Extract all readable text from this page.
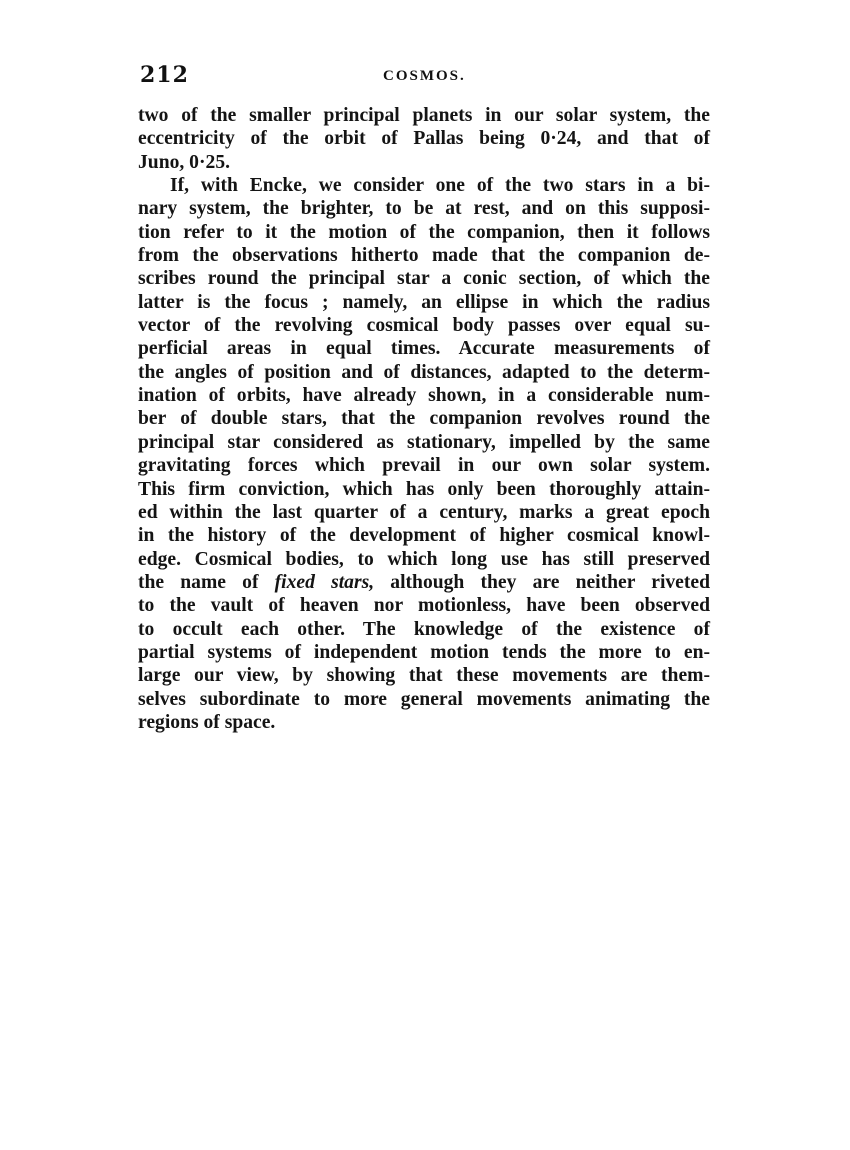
212	COSMOS.
two of the smaller principal planets in our solar system, the
eccentricity of the orbit of Pallas being 0·24, and that of
Juno, 0·25.
If, with Encke, we consider one of the two stars in a bi-
nary system, the brighter, to be at rest, and on this supposi-
tion refer to it the motion of the companion, then it follows
from the observations hitherto made that the companion de-
scribes round the principal star a conic section, of which the
latter is the focus ; namely, an ellipse in which the radius
vector of the revolving cosmical body passes over equal su-
perficial areas in equal times. Accurate measurements of
the angles of position and of distances, adapted to the determ-
ination of orbits, have already shown, in a considerable num-
ber of double stars, that the companion revolves round the
principal star considered as stationary, impelled by the same
gravitating forces which prevail in our own solar system.
This firm conviction, which has only been thoroughly attain-
ed within the last quarter of a century, marks a great epoch
in the history of the development of higher cosmical knowl-
edge. Cosmical bodies, to which long use has still preserved
the name of fixed stars, although they are neither riveted
to the vault of heaven nor motionless, have been observed
to occult each other. The knowledge of the existence of
partial systems of independent motion tends the more to en-
large our view, by showing that these movements are them-
selves subordinate to more general movements animating the
regions of space.
